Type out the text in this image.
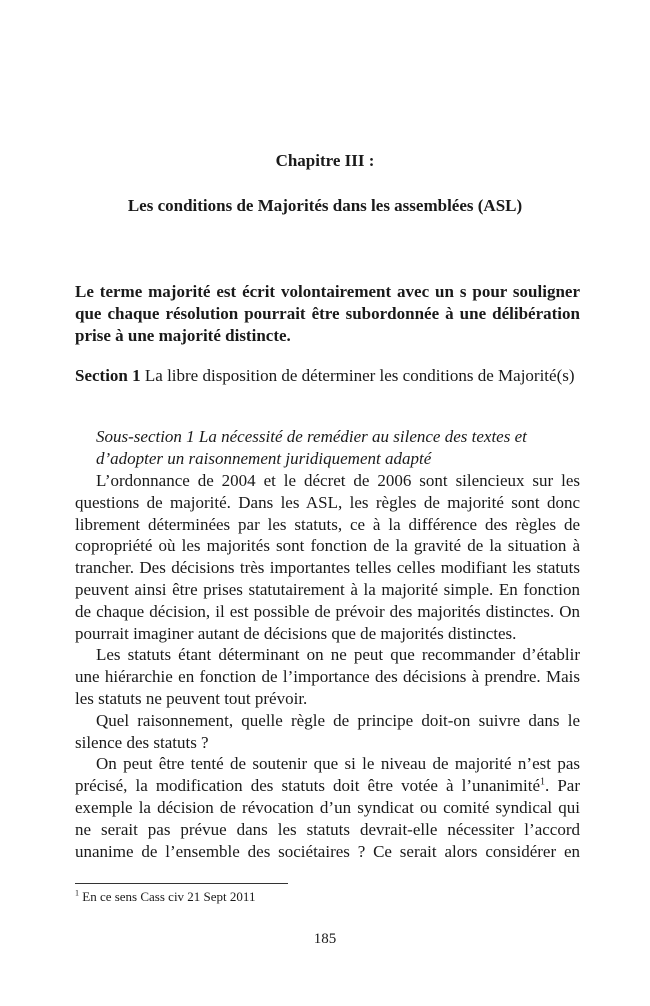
Chapitre III :
Les conditions de Majorités dans les assemblées (ASL)
Le terme majorité est écrit volontairement avec un s pour souligner que chaque résolution pourrait être subordonnée à une délibération prise à une majorité distincte.
Section 1 La libre disposition de déterminer les conditions de Majorité(s)
Sous-section 1 La nécessité de remédier au silence des textes et
d’adopter un raisonnement juridiquement adapté

L’ordonnance de 2004 et le décret de 2006 sont silencieux sur les questions de majorité. Dans les ASL, les règles de majorité sont donc librement déterminées par les statuts, ce à la différence des règles de copropriété où les majorités sont fonction de la gravité de la situation à trancher. Des décisions très importantes telles celles modifiant les statuts peuvent ainsi être prises statutairement à la majorité simple. En fonction de chaque décision, il est possible de prévoir des majorités distinctes. On pourrait imaginer autant de décisions que de majorités distinctes.

Les statuts étant déterminant on ne peut que recommander d’établir une hiérarchie en fonction de l’importance des décisions à prendre. Mais les statuts ne peuvent tout prévoir.

Quel raisonnement, quelle règle de principe doit-on suivre dans le silence des statuts ?

On peut être tenté de soutenir que si le niveau de majorité n’est pas précisé, la modification des statuts doit être votée à l’unanimité$^1$. Par exemple la décision de révocation d’un syndicat ou comité syndical qui ne serait pas prévue dans les statuts devrait-elle nécessiter l’accord unanime de l’ensemble des sociétaires ? Ce serait alors considérer en

$^1$ En ce sens Cass civ 21 Sept 2011
185
